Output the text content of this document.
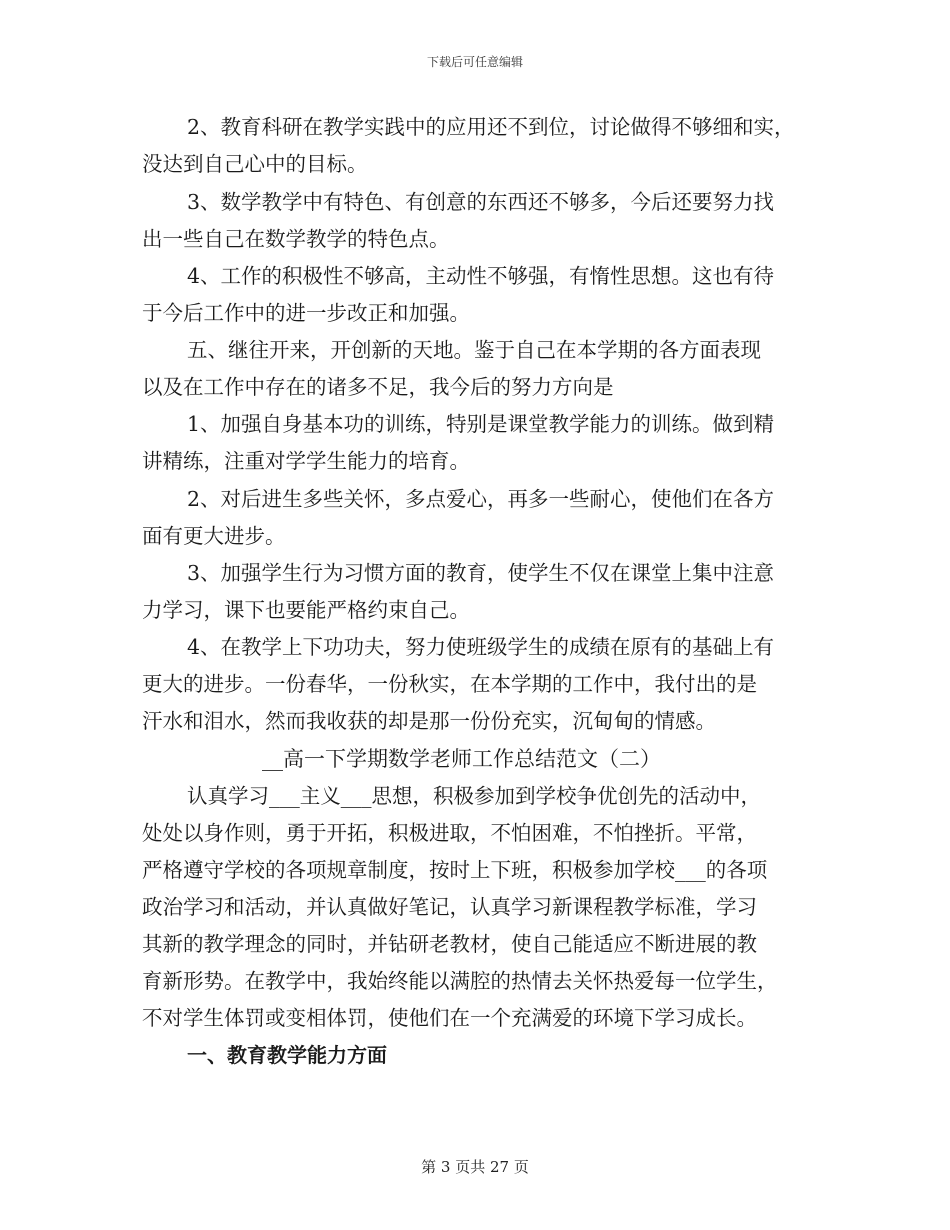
下载后可任意编辑
2、教育科研在教学实践中的应用还不到位，讨论做得不够细和实，
没达到自己心中的目标。
3、数学教学中有特色、有创意的东西还不够多，今后还要努力找
出一些自己在数学教学的特色点。
4、工作的积极性不够高，主动性不够强，有惰性思想。这也有待
于今后工作中的进一步改正和加强。
五、继往开来，开创新的天地。鉴于自己在本学期的各方面表现
以及在工作中存在的诸多不足，我今后的努力方向是
1、加强自身基本功的训练，特别是课堂教学能力的训练。做到精
讲精练，注重对学学生能力的培育。
2、对后进生多些关怀，多点爱心，再多一些耐心，使他们在各方
面有更大进步。
3、加强学生行为习惯方面的教育，使学生不仅在课堂上集中注意
力学习，课下也要能严格约束自己。
4、在教学上下功功夫，努力使班级学生的成绩在原有的基础上有
更大的进步。一份春华，一份秋实，在本学期的工作中，我付出的是
汗水和泪水，然而我收获的却是那一份份充实，沉甸甸的情感。
__高一下学期数学老师工作总结范文（二）
认真学习___主义___思想，积极参加到学校争优创先的活动中，
处处以身作则，勇于开拓，积极进取，不怕困难，不怕挫折。平常，
严格遵守学校的各项规章制度，按时上下班，积极参加学校___的各项
政治学习和活动，并认真做好笔记，认真学习新课程教学标准，学习
其新的教学理念的同时，并钻研老教材，使自己能适应不断进展的教
育新形势。在教学中，我始终能以满腔的热情去关怀热爱每一位学生，
不对学生体罚或变相体罚，使他们在一个充满爱的环境下学习成长。
一、教育教学能力方面
第 3 页共 27 页
